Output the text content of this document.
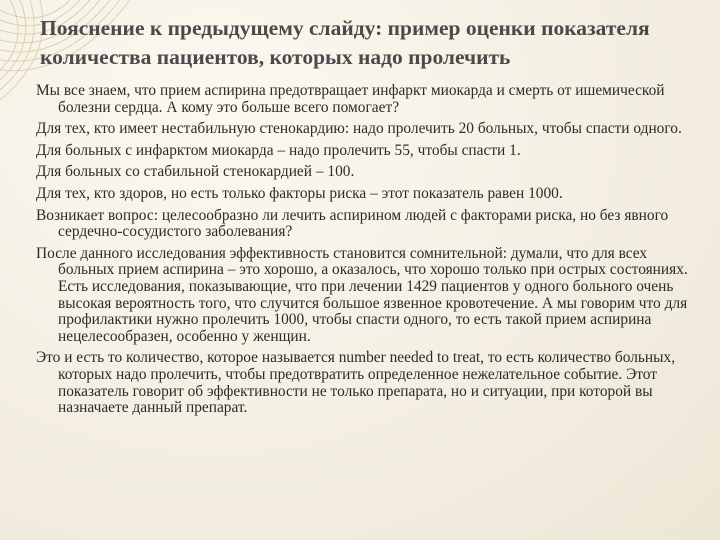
Пояснение к предыдущему слайду: пример оценки показателя количества пациентов, которых надо пролечить
Мы все знаем, что прием аспирина предотвращает инфаркт миокарда и смерть от ишемической болезни сердца. А кому это больше всего помогает?
Для тех, кто имеет нестабильную стенокардию: надо пролечить 20 больных, чтобы спасти одного.
Для больных с инфарктом миокарда – надо пролечить 55, чтобы спасти 1.
Для больных со стабильной стенокардией – 100.
Для тех, кто здоров, но есть только факторы риска – этот показатель равен 1000.
Возникает вопрос: целесообразно ли лечить аспирином людей с факторами риска, но без явного сердечно-сосудистого заболевания?
После данного исследования эффективность становится сомнительной: думали, что для всех больных прием аспирина – это хорошо, а оказалось, что хорошо только при острых состояниях. Есть исследования, показывающие, что при лечении 1429 пациентов у одного больного очень высокая вероятность того, что случится большое язвенное кровотечение. А мы говорим что для профилактики нужно пролечить 1000, чтобы спасти одного, то есть такой прием аспирина нецелесообразен, особенно у женщин.
Это и есть то количество, которое называется number needed to treat, то есть количество больных, которых надо пролечить, чтобы предотвратить определенное нежелательное событие. Этот показатель говорит об эффективности не только препарата, но и ситуации, при которой вы назначаете данный препарат.
